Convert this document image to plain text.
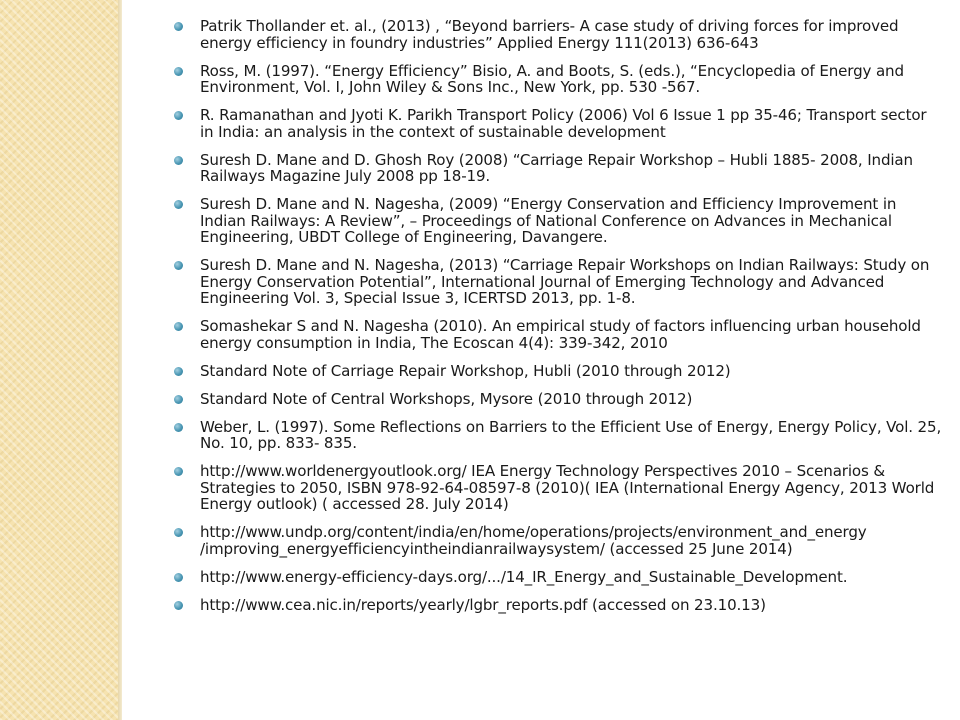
Patrik Thollander et. al., (2013) , “Beyond barriers- A case study of driving forces for improved energy efficiency in foundry industries” Applied Energy 111(2013) 636-643
Ross, M. (1997). “Energy Efficiency” Bisio, A. and Boots, S. (eds.), “Encyclopedia of Energy and Environment, Vol. I, John Wiley & Sons Inc., New York, pp. 530 -567.
R. Ramanathan and Jyoti K. Parikh Transport Policy (2006) Vol 6 Issue 1 pp 35-46; Transport sector in India: an analysis in the context of sustainable development
Suresh D. Mane and D. Ghosh Roy (2008) “Carriage Repair Workshop – Hubli 1885- 2008, Indian Railways Magazine July 2008 pp 18-19.
Suresh D. Mane and N. Nagesha, (2009) “Energy Conservation and Efficiency Improvement in Indian Railways: A Review”, – Proceedings of National Conference on Advances in Mechanical Engineering, UBDT College of Engineering, Davangere.
Suresh D. Mane and N. Nagesha, (2013) “Carriage Repair Workshops on Indian Railways: Study on Energy Conservation Potential”, International Journal of Emerging Technology and Advanced Engineering Vol. 3, Special Issue 3, ICERTSD 2013, pp. 1-8.
Somashekar S and N. Nagesha (2010). An empirical study of factors influencing urban household energy consumption in India, The Ecoscan 4(4): 339-342, 2010
Standard Note of Carriage Repair Workshop, Hubli (2010 through 2012)
Standard Note of Central Workshops, Mysore (2010 through 2012)
Weber, L. (1997). Some Reflections on Barriers to the Efficient Use of Energy, Energy Policy, Vol. 25, No. 10, pp. 833- 835.
http://www.worldenergyoutlook.org/ IEA Energy Technology Perspectives 2010 – Scenarios & Strategies to 2050, ISBN 978-92-64-08597-8 (2010)( IEA (International Energy Agency, 2013 World Energy outlook) ( accessed 28. July 2014)
http://www.undp.org/content/india/en/home/operations/projects/environment_and_energy /improving_energyefficiencyintheindianrailwaysystem/ (accessed 25 June 2014)
http://www.energy-efficiency-days.org/.../14_IR_Energy_and_Sustainable_Development.
http://www.cea.nic.in/reports/yearly/lgbr_reports.pdf (accessed on 23.10.13)
